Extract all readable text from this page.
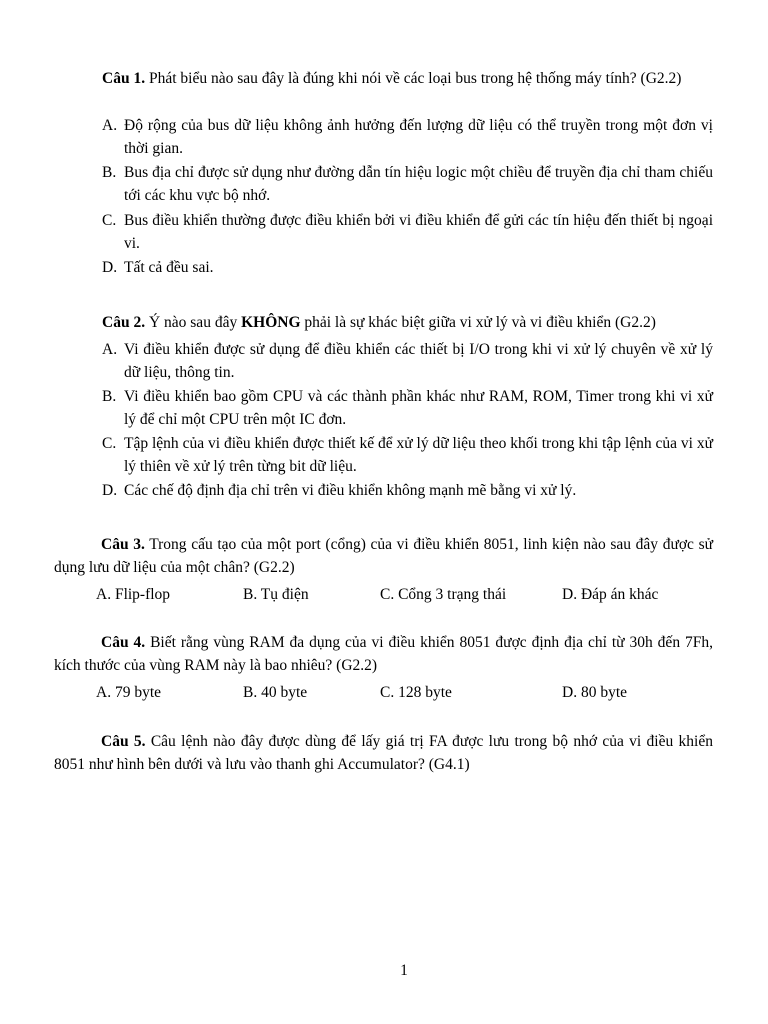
Câu 1. Phát biểu nào sau đây là đúng khi nói về các loại bus trong hệ thống máy tính? (G2.2)
A. Độ rộng của bus dữ liệu không ảnh hưởng đến lượng dữ liệu có thể truyền trong một đơn vị thời gian.
B. Bus địa chỉ được sử dụng như đường dẫn tín hiệu logic một chiều để truyền địa chỉ tham chiếu tới các khu vực bộ nhớ.
C. Bus điều khiển thường được điều khiển bởi vi điều khiển để gửi các tín hiệu đến thiết bị ngoại vi.
D. Tất cả đều sai.
Câu 2. Ý nào sau đây KHÔNG phải là sự khác biệt giữa vi xử lý và vi điều khiển (G2.2)
A. Vi điều khiển được sử dụng để điều khiển các thiết bị I/O trong khi vi xử lý chuyên về xử lý dữ liệu, thông tin.
B. Vi điều khiển bao gồm CPU và các thành phần khác như RAM, ROM, Timer trong khi vi xử lý để chỉ một CPU trên một IC đơn.
C. Tập lệnh của vi điều khiển được thiết kế để xử lý dữ liệu theo khối trong khi tập lệnh của vi xử lý thiên về xử lý trên từng bit dữ liệu.
D. Các chế độ định địa chỉ trên vi điều khiển không mạnh mẽ bằng vi xử lý.
Câu 3. Trong cấu tạo của một port (cổng) của vi điều khiển 8051, linh kiện nào sau đây được sử dụng lưu dữ liệu của một chân? (G2.2)
A. Flip-flop	B. Tụ điện	C. Cổng 3 trạng thái	D. Đáp án khác
Câu 4. Biết rằng vùng RAM đa dụng của vi điều khiển 8051 được định địa chỉ từ 30h đến 7Fh, kích thước của vùng RAM này là bao nhiêu? (G2.2)
A. 79 byte	B. 40 byte	C. 128 byte	D. 80 byte
Câu 5. Câu lệnh nào đây được dùng để lấy giá trị FA được lưu trong bộ nhớ của vi điều khiển 8051 như hình bên dưới và lưu vào thanh ghi Accumulator? (G4.1)
1
